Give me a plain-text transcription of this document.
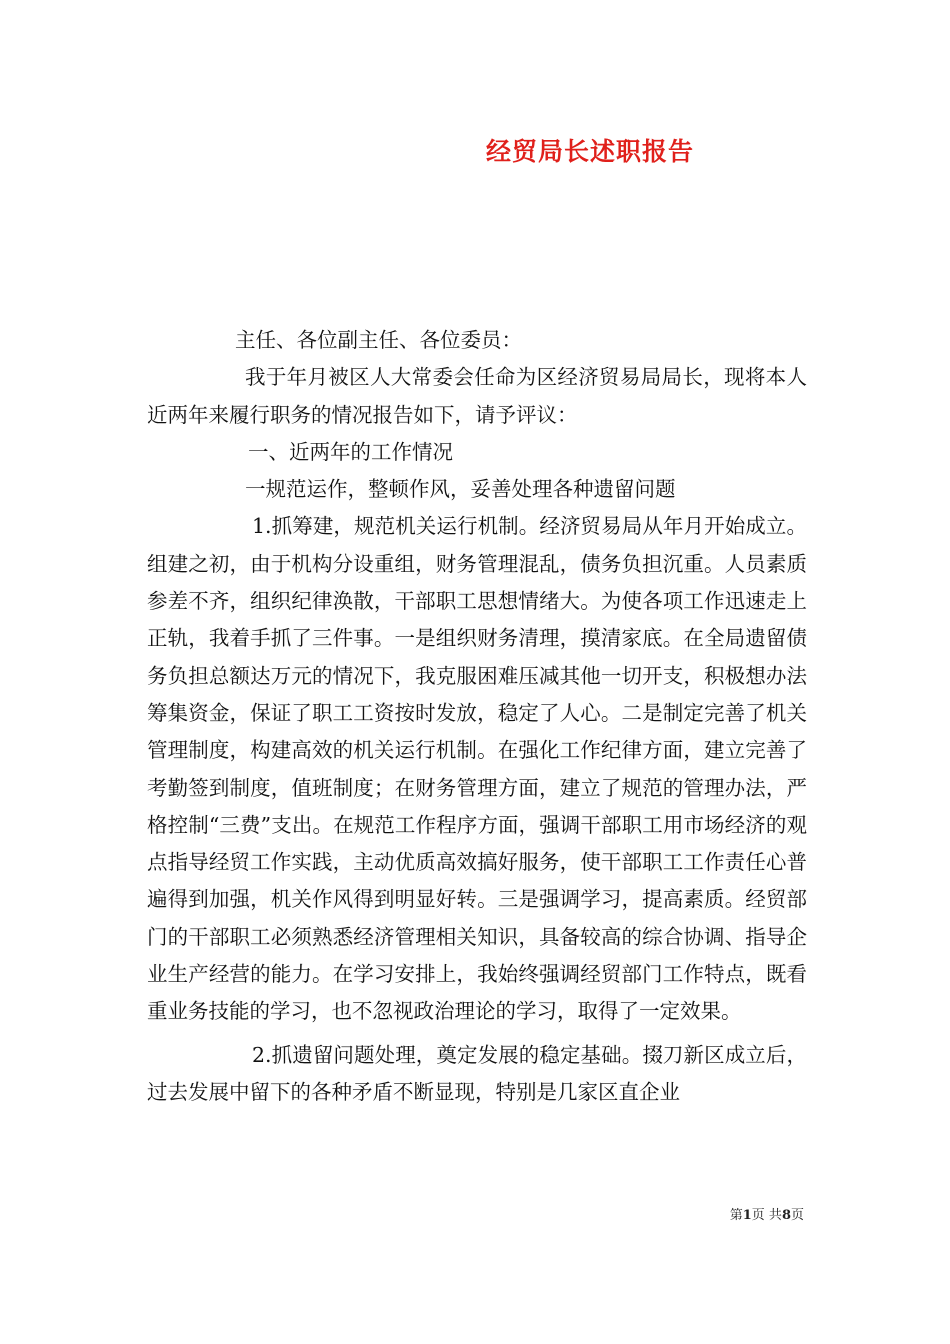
经贸局长述职报告

主任、各位副主任、各位委员：

我于年月被区人大常委会任命为区经济贸易局局长，现将本人近两年来履行职务的情况报告如下，请予评议：

一、近两年的工作情况

一规范运作，整顿作风，妥善处理各种遗留问题

1.抓筹建，规范机关运行机制。经济贸易局从年月开始成立。组建之初，由于机构分设重组，财务管理混乱，债务负担沉重。人员素质参差不齐，组织纪律涣散，干部职工思想情绪大。为使各项工作迅速走上正轨，我着手抓了三件事。一是组织财务清理，摸清家底。在全局遗留债务负担总额达万元的情况下，我克服困难压减其他一切开支，积极想办法筹集资金，保证了职工工资按时发放，稳定了人心。二是制定完善了机关管理制度，构建高效的机关运行机制。在强化工作纪律方面，建立完善了考勤签到制度，值班制度；在财务管理方面，建立了规范的管理办法，严格控制“三费”支出。在规范工作程序方面，强调干部职工用市场经济的观点指导经贸工作实践，主动优质高效搞好服务，使干部职工工作责任心普遍得到加强，机关作风得到明显好转。三是强调学习，提高素质。经贸部门的干部职工必须熟悉经济管理相关知识，具备较高的综合协调、指导企业生产经营的能力。在学习安排上，我始终强调经贸部门工作特点，既看重业务技能的学习，也不忽视政治理论的学习，取得了一定效果。

2.抓遗留问题处理，奠定发展的稳定基础。掇刀新区成立后，过去发展中留下的各种矛盾不断显现，特别是几家区直企业

第1页 共8页
